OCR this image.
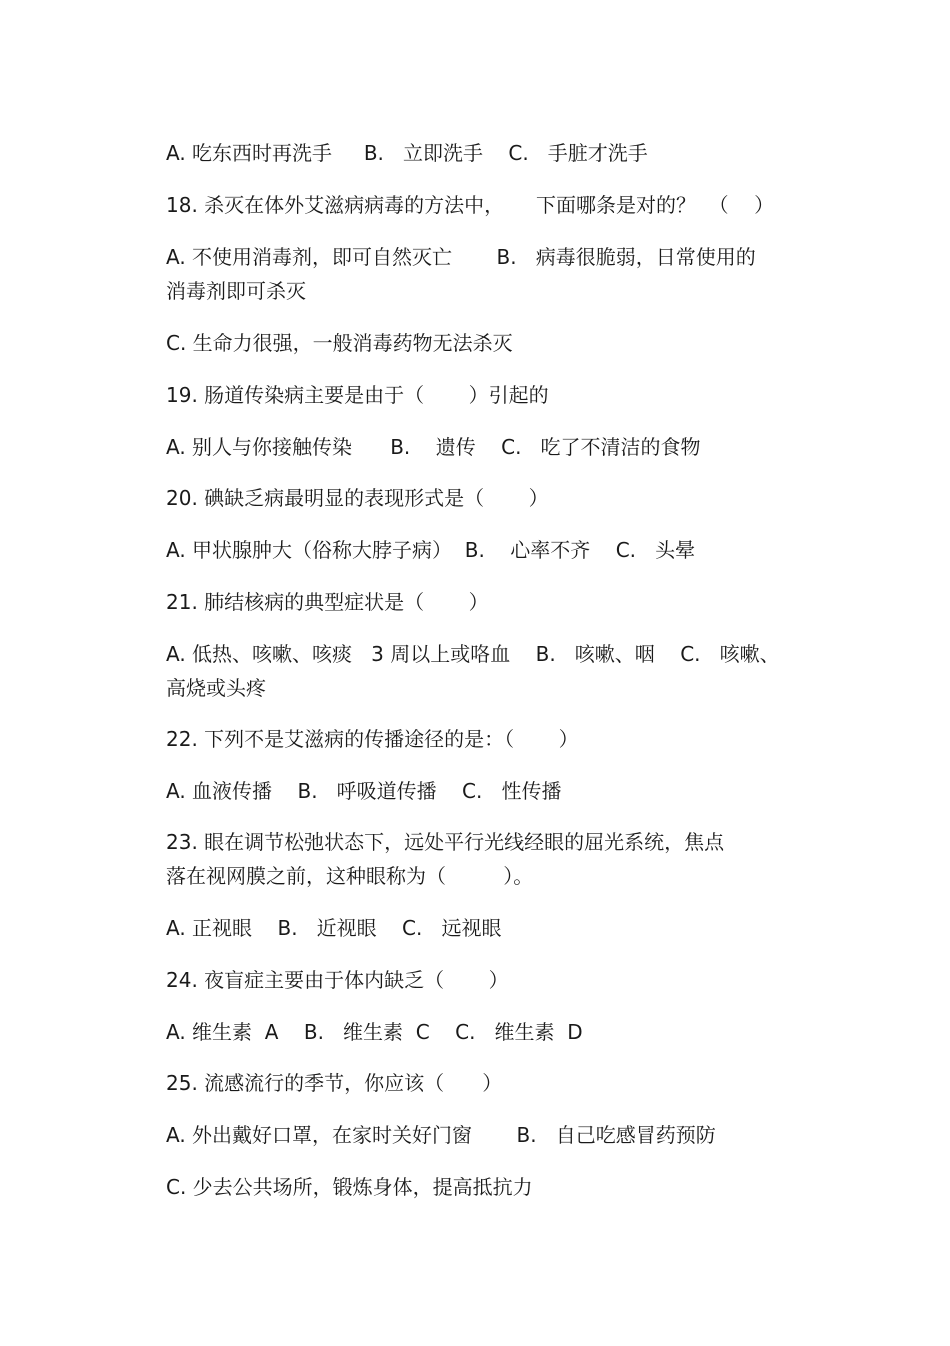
A. 吃东西时再洗手     B.   立即洗手    C.   手脏才洗手
18. 杀灭在体外艾滋病病毒的方法中，     下面哪条是对的？  （    ）
A. 不使用消毒剂，即可自然灭亡       B.   病毒很脆弱，日常使用的
消毒剂即可杀灭
C. 生命力很强，一般消毒药物无法杀灭
19. 肠道传染病主要是由于（       ）引起的
A. 别人与你接触传染      B.    遗传    C.   吃了不清洁的食物
20. 碘缺乏病最明显的表现形式是（       ）
A. 甲状腺肿大（俗称大脖子病）  B.    心率不齐    C.   头晕
21. 肺结核病的典型症状是（       ）
A. 低热、咳嗽、咳痰   3 周以上或咯血    B.   咳嗽、咽    C.   咳嗽、
高烧或头疼
22. 下列不是艾滋病的传播途径的是：（       ）
A. 血液传播    B.   呼吸道传播    C.   性传播
23. 眼在调节松弛状态下，远处平行光线经眼的屈光系统，焦点
落在视网膜之前，这种眼称为（         ）。
A. 正视眼    B.   近视眼    C.   远视眼
24. 夜盲症主要由于体内缺乏（       ）
A. 维生素  A    B.   维生素  C    C.   维生素  D
25. 流感流行的季节，你应该（      ）
A. 外出戴好口罩，在家时关好门窗       B.   自己吃感冒药预防
C. 少去公共场所，锻炼身体，提高抵抗力
